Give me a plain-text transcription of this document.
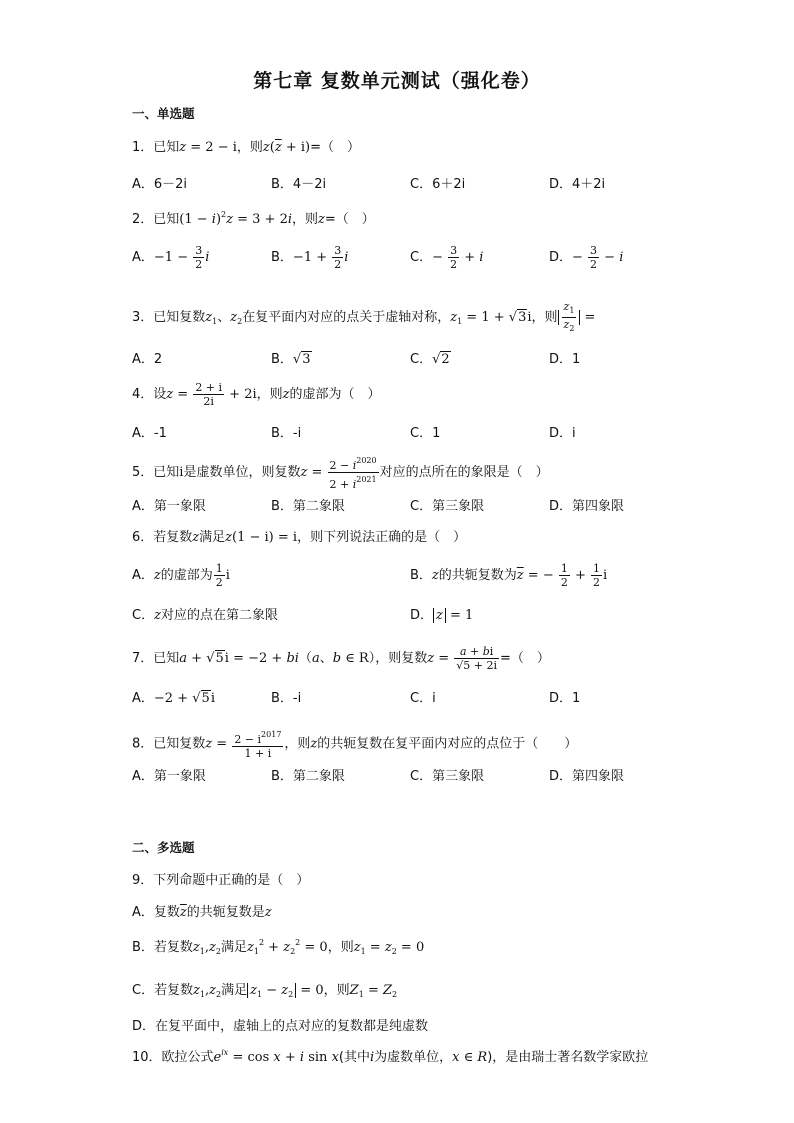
第七章 复数单元测试（强化卷）
一、单选题
1．已知z = 2 − i，则$z(\overline{z} + i)=$（　）
A．6－2i	B．4－2i	C．6＋2i	D．4＋2i
2．已知$(1 - i)^2z = 3 + 2i$，则z=（　）
A．$-1 - \frac{3}{2}$ i	B．$-1 + \frac{3}{2}$ i	C．− $\frac{3}{2} + i$	D．− $\frac{3}{2} - i$
3．已知复数$z_1$、$z_2$在复平面内对应的点关于虚轴对称，$z_1 = 1 + √3i$，则 $\frac{z_1}{z_2}$ =
A．2	B．√3	C．√2	D．1
4．设$z = \frac{2 + i}{2i} + 2i$，则z的虚部为（　）
A．-1	B．-i	C．1	D．i
5．已知i是虚数单位，则复数$z = \frac{2 - i^{2020}}{2 + i^{2021}}$ 对应的点所在的象限是（　）
A．第一象限	B．第二象限	C．第三象限	D．第四象限
6．若复数z满足z(1 − i) = i，则下列说法正确的是（　）
A．z的虚部为 $\frac{1}{2}$ i	B．z的共轭复数为$\overline{z}$ = − $\frac{1}{2} + \frac{1}{2}$ i
C．z对应的点在第二象限	D． z = 1
7．已知a + √5i = −2 + bi（a、b ∈ R），则复数$z = \frac{a + bi}{√5 + 2i}$ =（　）
A．−2 + √5i	B．-i	C．i	D．1
8．已知复数$z = \frac{2 - i^{2017}}{1 + i}$ ，则z的共轭复数在复平面内对应的点位于（　　）
A．第一象限	B．第二象限	C．第三象限	D．第四象限
二、多选题
9．下列命题中正确的是（　）
A．复数$\overline{z}$的共轭复数是z
B．若复数$z_1,z_2$满足$z_1^2 + z_2^2 = 0$，则$z_1 = z_2 = 0$
C．若复数$z_1,z_2$满足 $z_1 - z_2 = 0$，则$Z_1 = Z_2$
D．在复平面中，虚轴上的点对应的复数都是纯虚数
10．欧拉公式$e^{ix} = \cos x + i$ sin x(其中i为虚数单位，x ∈ R)，是由瑞士著名数学家欧拉
